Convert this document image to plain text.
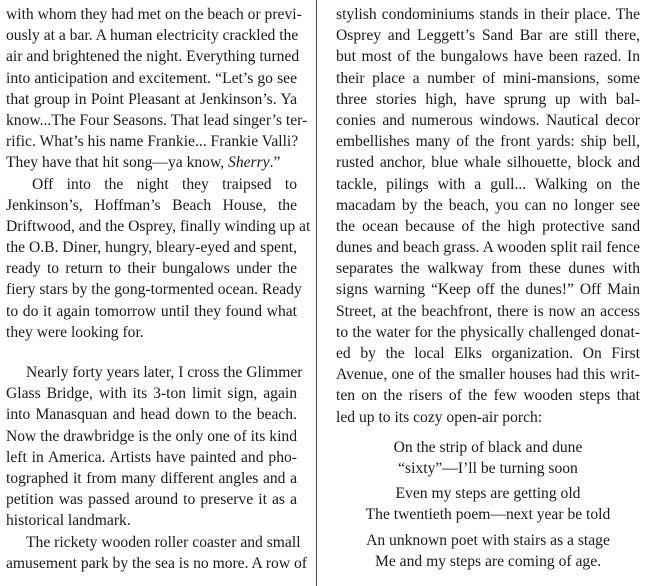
with whom they had met on the beach or previ-
ously at a bar. A human electricity crackled the
air and brightened the night. Everything turned
into anticipation and excitement. “Let’s go see
that group in Point Pleasant at Jenkinson’s. Ya
know...The Four Seasons. That lead singer’s ter-
rific. What’s his name Frankie... Frankie Valli?
They have that hit song—ya know, Sherry.”
Off into the night they traipsed to
Jenkinson’s, Hoffman’s Beach House, the
Driftwood, and the Osprey, finally winding up at
the O.B. Diner, hungry, bleary-eyed and spent,
ready to return to their bungalows under the
fiery stars by the gong-tormented ocean. Ready
to do it again tomorrow until they found what
they were looking for.
Nearly forty years later, I cross the Glimmer
Glass Bridge, with its 3-ton limit sign, again
into Manasquan and head down to the beach.
Now the drawbridge is the only one of its kind
left in America. Artists have painted and pho-
tographed it from many different angles and a
petition was passed around to preserve it as a
historical landmark.
The rickety wooden roller coaster and small
amusement park by the sea is no more. A row of
stylish condominiums stands in their place. The
Osprey and Leggett’s Sand Bar are still there,
but most of the bungalows have been razed. In
their place a number of mini-mansions, some
three stories high, have sprung up with bal-
conies and numerous windows. Nautical decor
embellishes many of the front yards: ship bell,
rusted anchor, blue whale silhouette, block and
tackle, pilings with a gull... Walking on the
macadam by the beach, you can no longer see
the ocean because of the high protective sand
dunes and beach grass. A wooden split rail fence
separates the walkway from these dunes with
signs warning “Keep off the dunes!” Off Main
Street, at the beachfront, there is now an access
to the water for the physically challenged donat-
ed by the local Elks organization. On First
Avenue, one of the smaller houses had this writ-
ten on the risers of the few wooden steps that
led up to its cozy open-air porch:
On the strip of black and dune
“sixty”—I’ll be turning soon
Even my steps are getting old
The twentieth poem—next year be told
An unknown poet with stairs as a stage
Me and my steps are coming of age.
